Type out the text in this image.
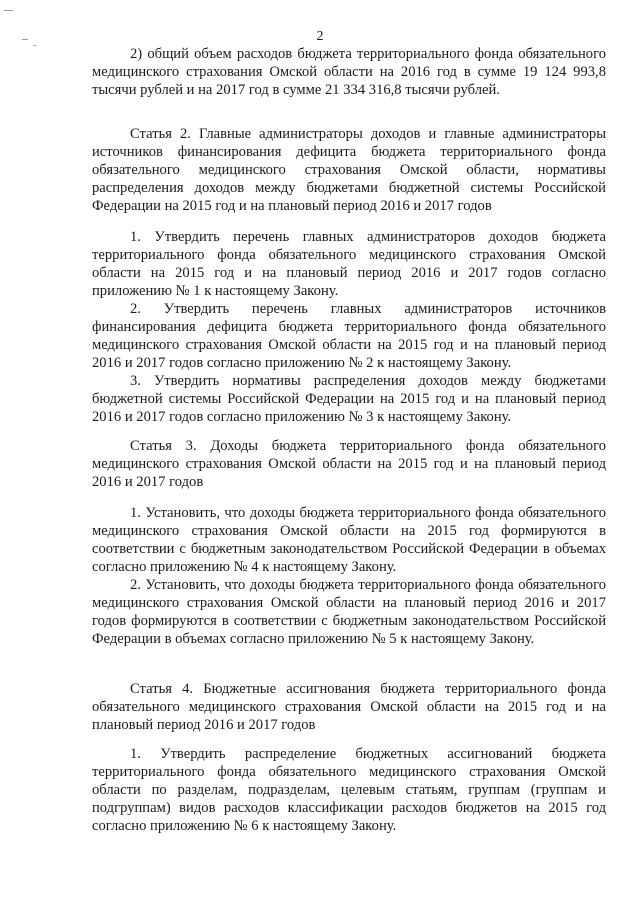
2

2) общий объем расходов бюджета территориального фонда обязательного медицинского страхования Омской области на 2016 год в сумме 19 124 993,8 тысячи рублей и на 2017 год в сумме 21 334 316,8 тысячи рублей.

Статья 2. Главные администраторы доходов и главные администраторы источников финансирования дефицита бюджета территориального фонда обязательного медицинского страхования Омской области, нормативы распределения доходов между бюджетами бюджетной системы Российской Федерации на 2015 год и на плановый период 2016 и 2017 годов

1. Утвердить перечень главных администраторов доходов бюджета территориального фонда обязательного медицинского страхования Омской области на 2015 год и на плановый период 2016 и 2017 годов согласно приложению № 1 к настоящему Закону.

2. Утвердить перечень главных администраторов источников финансирования дефицита бюджета территориального фонда обязательного медицинского страхования Омской области на 2015 год и на плановый период 2016 и 2017 годов согласно приложению № 2 к настоящему Закону.

3. Утвердить нормативы распределения доходов между бюджетами бюджетной системы Российской Федерации на 2015 год и на плановый период 2016 и 2017 годов согласно приложению № 3 к настоящему Закону.

Статья 3. Доходы бюджета территориального фонда обязательного медицинского страхования Омской области на 2015 год и на плановый период 2016 и 2017 годов

1. Установить, что доходы бюджета территориального фонда обязательного медицинского страхования Омской области на 2015 год формируются в соответствии с бюджетным законодательством Российской Федерации в объемах согласно приложению № 4 к настоящему Закону.

2. Установить, что доходы бюджета территориального фонда обязательного медицинского страхования Омской области на плановый период 2016 и 2017 годов формируются в соответствии с бюджетным законодательством Российской Федерации в объемах согласно приложению № 5 к настоящему Закону.

Статья 4. Бюджетные ассигнования бюджета территориального фонда обязательного медицинского страхования Омской области на 2015 год и на плановый период 2016 и 2017 годов

1. Утвердить распределение бюджетных ассигнований бюджета территориального фонда обязательного медицинского страхования Омской области по разделам, подразделам, целевым статьям, группам (группам и подгруппам) видов расходов классификации расходов бюджетов на 2015 год согласно приложению № 6 к настоящему Закону.
